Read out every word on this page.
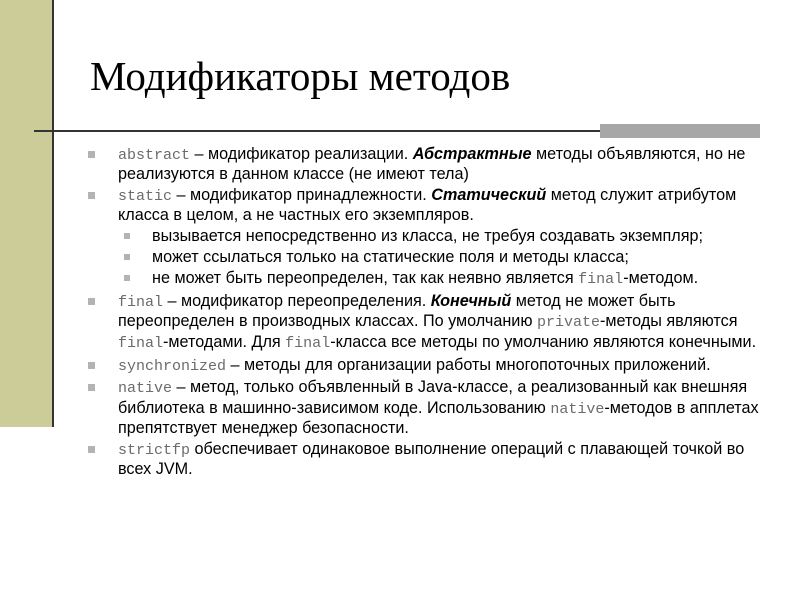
Модификаторы методов
abstract – модификатор реализации. Абстрактные методы объявляются, но не реализуются в данном классе (не имеют тела)
static – модификатор принадлежности. Статический метод служит атрибутом класса в целом, а не частных его экземпляров.
вызывается непосредственно из класса, не требуя создавать экземпляр;
может ссылаться только на статические поля и методы класса;
не может быть переопределен, так как неявно является final-методом.
final – модификатор переопределения. Конечный метод не может быть переопределен в производных классах. По умолчанию private-методы являются final-методами. Для final-класса все методы по умолчанию являются конечными.
synchronized – методы для организации работы многопоточных приложений.
native – метод, только объявленный в Java-классе, а реализованный как внешняя библиотека в машинно-зависимом коде. Использованию native-методов в апплетах препятствует менеджер безопасности.
strictfp обеспечивает одинаковое выполнение операций с плавающей точкой во всех JVM.
